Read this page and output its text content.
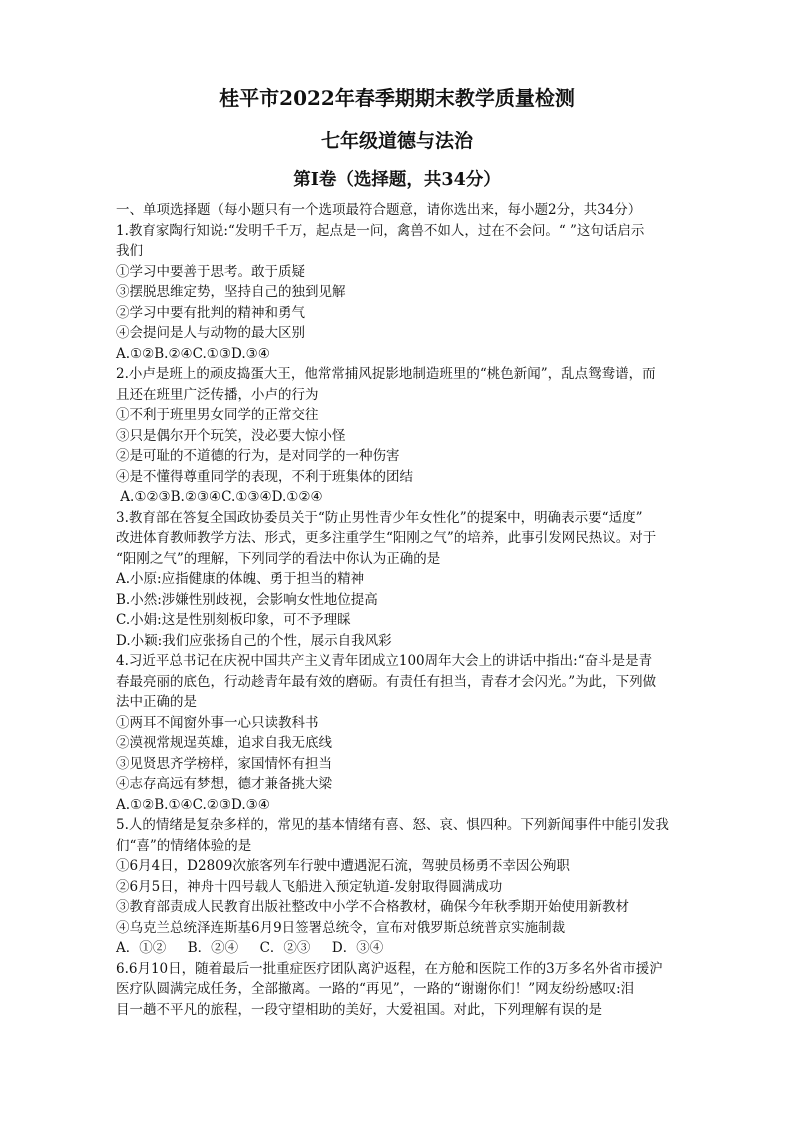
桂平市2022年春季期期末教学质量检测
七年级道德与法治
第I卷（选择题，共34分）
一、单项选择题（每小题只有一个选项最符合题意，请你选出来，每小题2分，共34分）
1.教育家陶行知说:“发明千千万，起点是一问，禽兽不如人，过在不会问。“ ”这句话启示
我们
①学习中要善于思考。敢于质疑
③摆脱思维定势，坚持自己的独到见解
②学习中要有批判的精神和勇气
④会提问是人与动物的最大区别
A.①②B.②④C.①③D.③④
2.小卢是班上的顽皮捣蛋大王，他常常捕风捉影地制造班里的“桃色新闻”，乱点鸳鸯谱，而
且还在班里广泛传播，小卢的行为
①不利于班里男女同学的正常交往
③只是偶尔开个玩笑，没必要大惊小怪
②是可耻的不道德的行为，是对同学的一种伤害
④是不懂得尊重同学的表现，不利于班集体的团结
A.①②③B.②③④C.①③④D.①②④
3.教育部在答复全国政协委员关于“防止男性青少年女性化”的提案中，明确表示要“适度”
改进体育教师教学方法、形式，更多注重学生“阳刚之气”的培养，此事引发网民热议。对于
“阳刚之气”的理解，下列同学的看法中你认为正确的是
A.小原:应指健康的体魄、勇于担当的精神
B.小然:涉嫌性别歧视，会影响女性地位提高
C.小娟:这是性别刻板印象，可不予理睬
D.小颖:我们应张扬自己的个性，展示自我风彩
4.习近平总书记在庆祝中国共产主义青年团成立100周年大会上的讲话中指出:“奋斗是是青
春最亮丽的底色，行动趁青年最有效的磨砺。有责任有担当，青春才会闪光。”为此，下列做
法中正确的是
①两耳不闻窗外事一心只读教科书
②漠视常规逞英雄，追求自我无底线
③见贤思齐学榜样，家国情怀有担当
④志存高远有梦想，德才兼备挑大梁
A.①②B.①④C.②③D.③④
5.人的情绪是复杂多样的，常见的基本情绪有喜、怒、哀、惧四种。下列新闻事件中能引发我
们“喜”的情绪体验的是
①6月4日，D2809次旅客列车行驶中遭遇泥石流，驾驶员杨勇不幸因公殉职
②6月5日，神舟十四号载人飞船进入预定轨道-发射取得圆满成功
③教育部责成人民教育出版社整改中小学不合格教材，确保今年秋季期开始使用新教材
④乌克兰总统泽连斯基6月9日签署总统令，宣布对俄罗斯总统普京实施制裁
A．①②     B．②④     C．②③     D．③④
6.6月10日，随着最后一批重症医疗团队离沪返程，在方舱和医院工作的3万多名外省市援沪
医疗队圆满完成任务，全部撤离。一路的“再见”，一路的“谢谢你们！”网友纷纷感叹:泪
目一趟不平凡的旅程，一段守望相助的美好，大爱祖国。对此，下列理解有误的是
